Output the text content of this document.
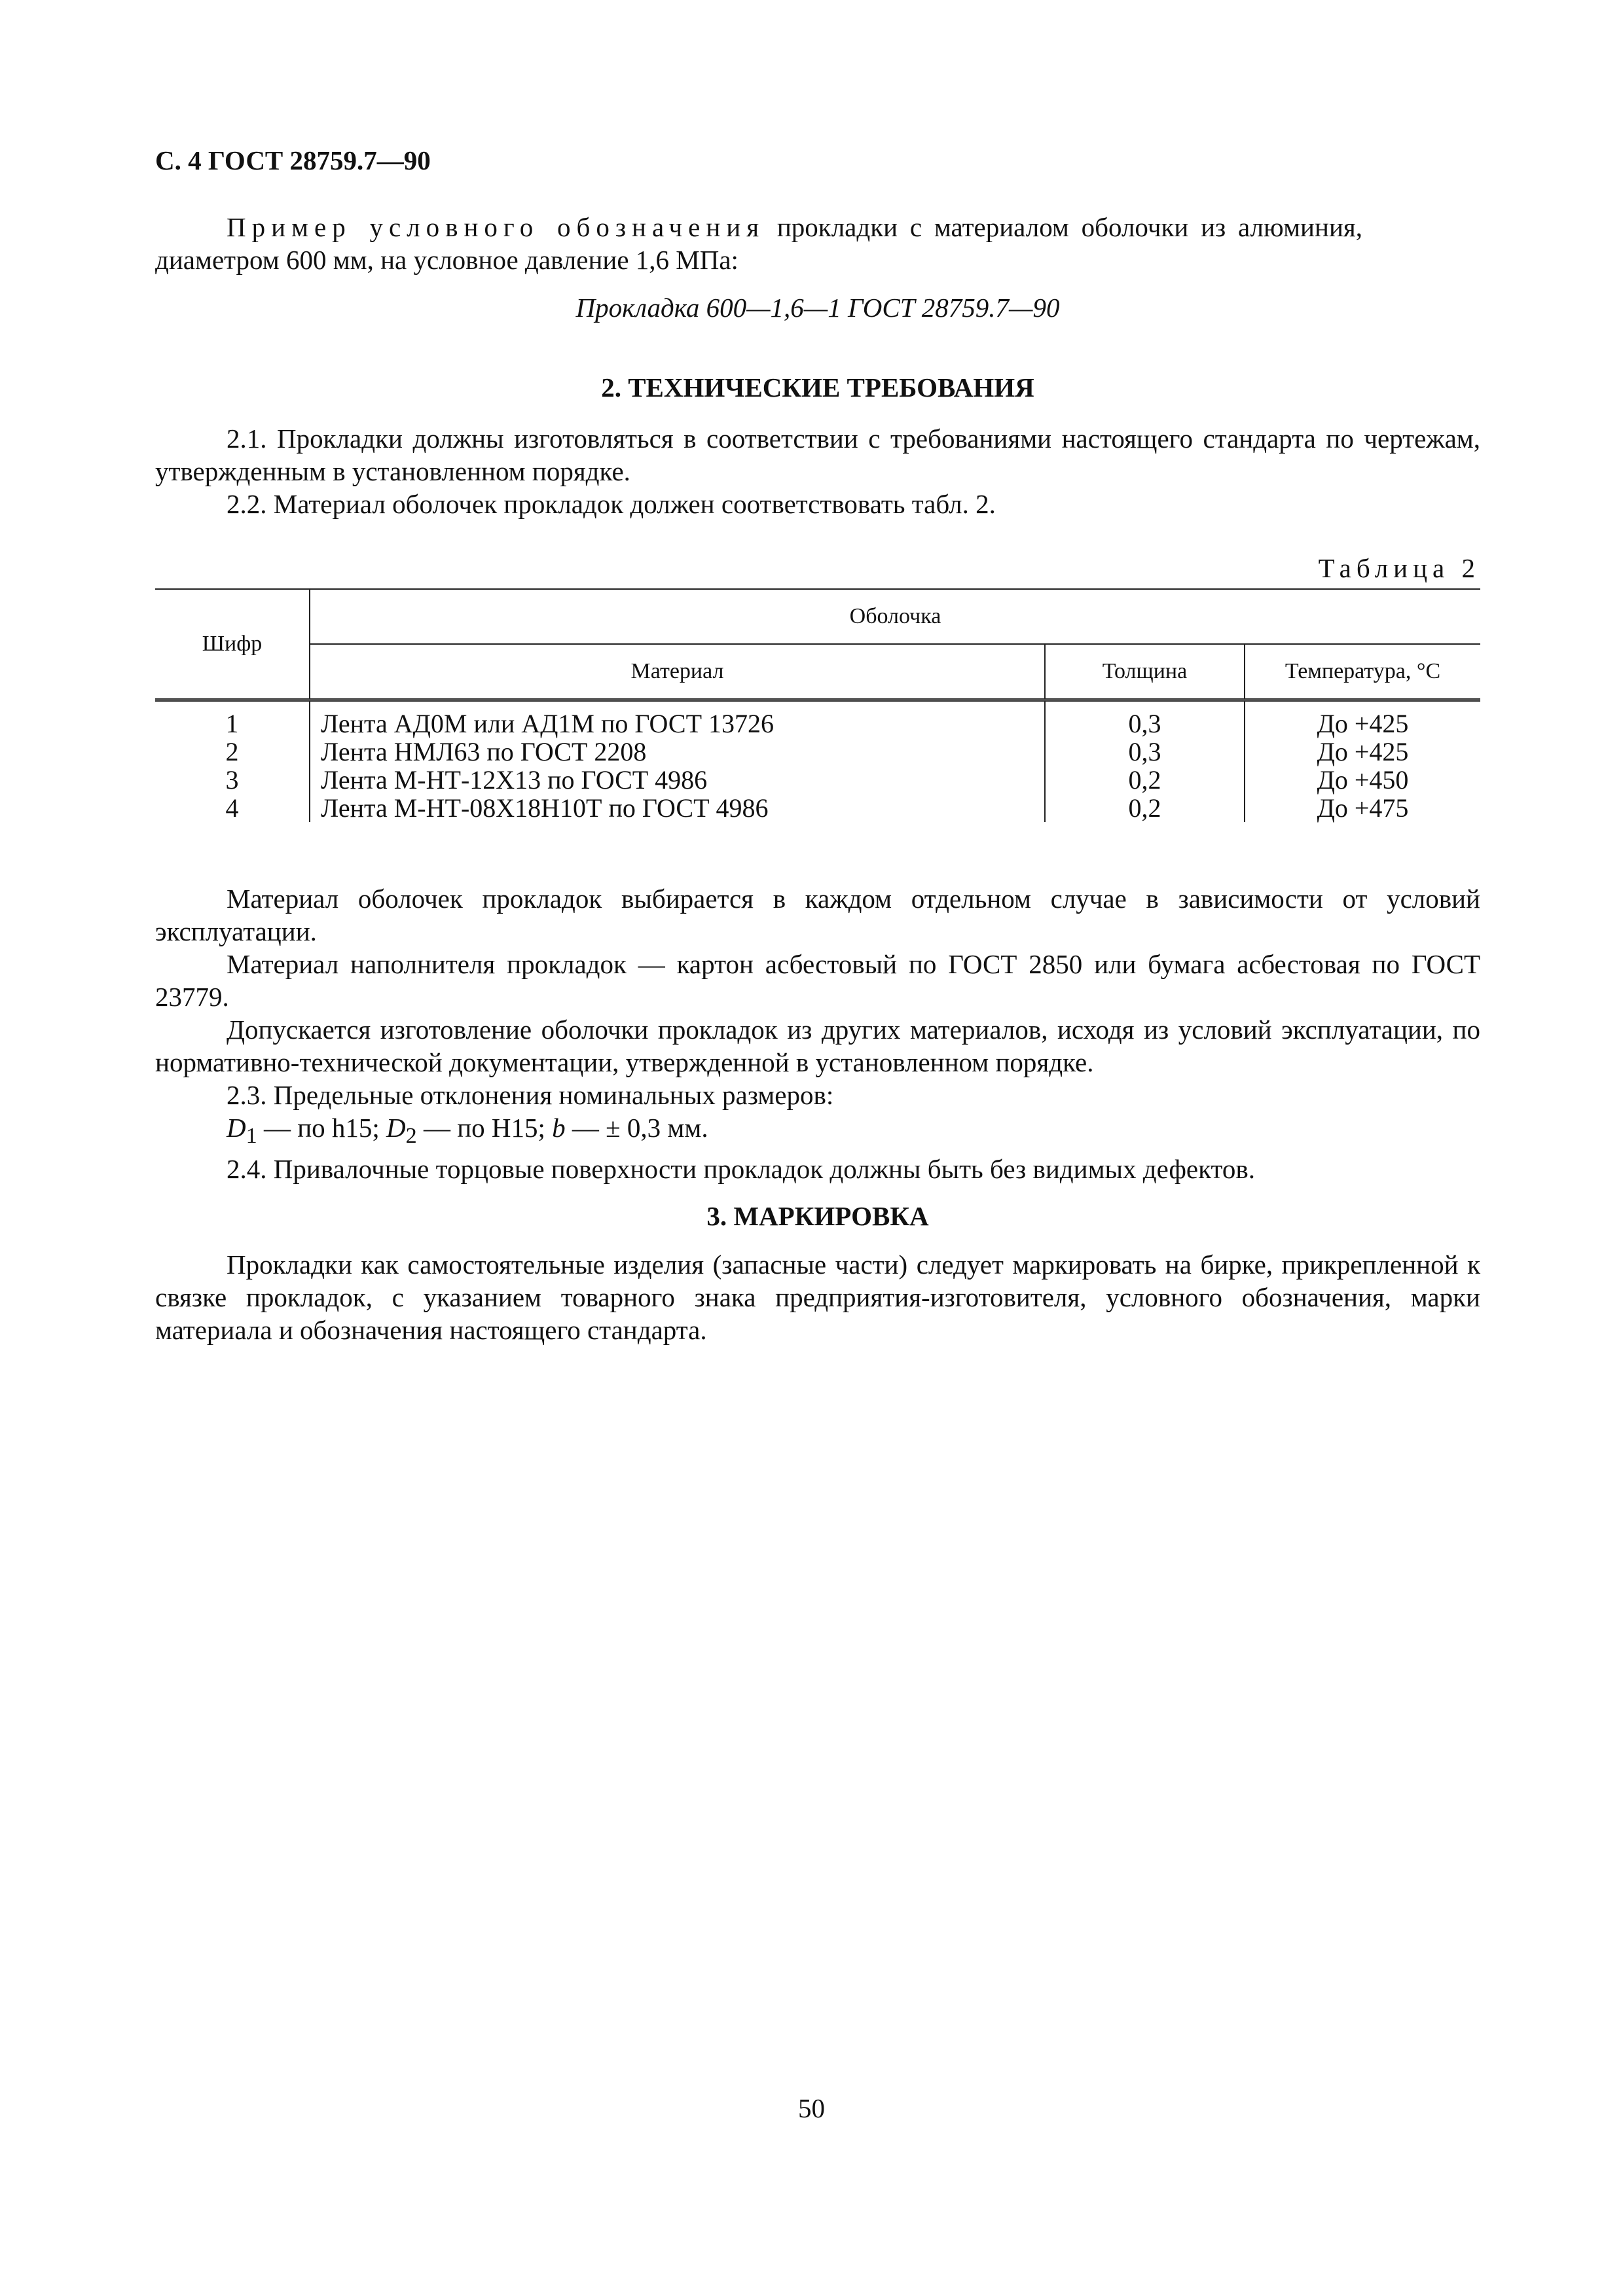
С. 4 ГОСТ 28759.7—90

Пример условного обозначения прокладки с материалом оболочки из алюминия, диаметром 600 мм, на условное давление 1,6 МПа:

Прокладка 600—1,6—1 ГОСТ 28759.7—90

2. ТЕХНИЧЕСКИЕ ТРЕБОВАНИЯ

2.1. Прокладки должны изготовляться в соответствии с требованиями настоящего стандарта по чертежам, утвержденным в установленном порядке.

2.2. Материал оболочек прокладок должен соответствовать табл. 2.

Таблица 2

Шифр	Оболочка		
	Материал	Толщина	Температура, °С
1	Лента АД0М или АД1М по ГОСТ 13726	0,3	До +425
2	Лента НМЛ63 по ГОСТ 2208	0,3	До +425
3	Лента М-НТ-12Х13 по ГОСТ 4986	0,2	До +450
4	Лента М-НТ-08Х18Н10Т по ГОСТ 4986	0,2	До +475

Материал оболочек прокладок выбирается в каждом отдельном случае в зависимости от условий эксплуатации.

Материал наполнителя прокладок — картон асбестовый по ГОСТ 2850 или бумага асбестовая по ГОСТ 23779.

Допускается изготовление оболочки прокладок из других материалов, исходя из условий эксплуатации, по нормативно-технической документации, утвержденной в установленном порядке.

2.3. Предельные отклонения номинальных размеров:

$D_1$ — по h15; $D_2$ — по Н15; b — ± 0,3 мм.

2.4. Привалочные торцовые поверхности прокладок должны быть без видимых дефектов.

3. МАРКИРОВКА

Прокладки как самостоятельные изделия (запасные части) следует маркировать на бирке, прикрепленной к связке прокладок, с указанием товарного знака предприятия-изготовителя, условного обозначения, марки материала и обозначения настоящего стандарта.

50
